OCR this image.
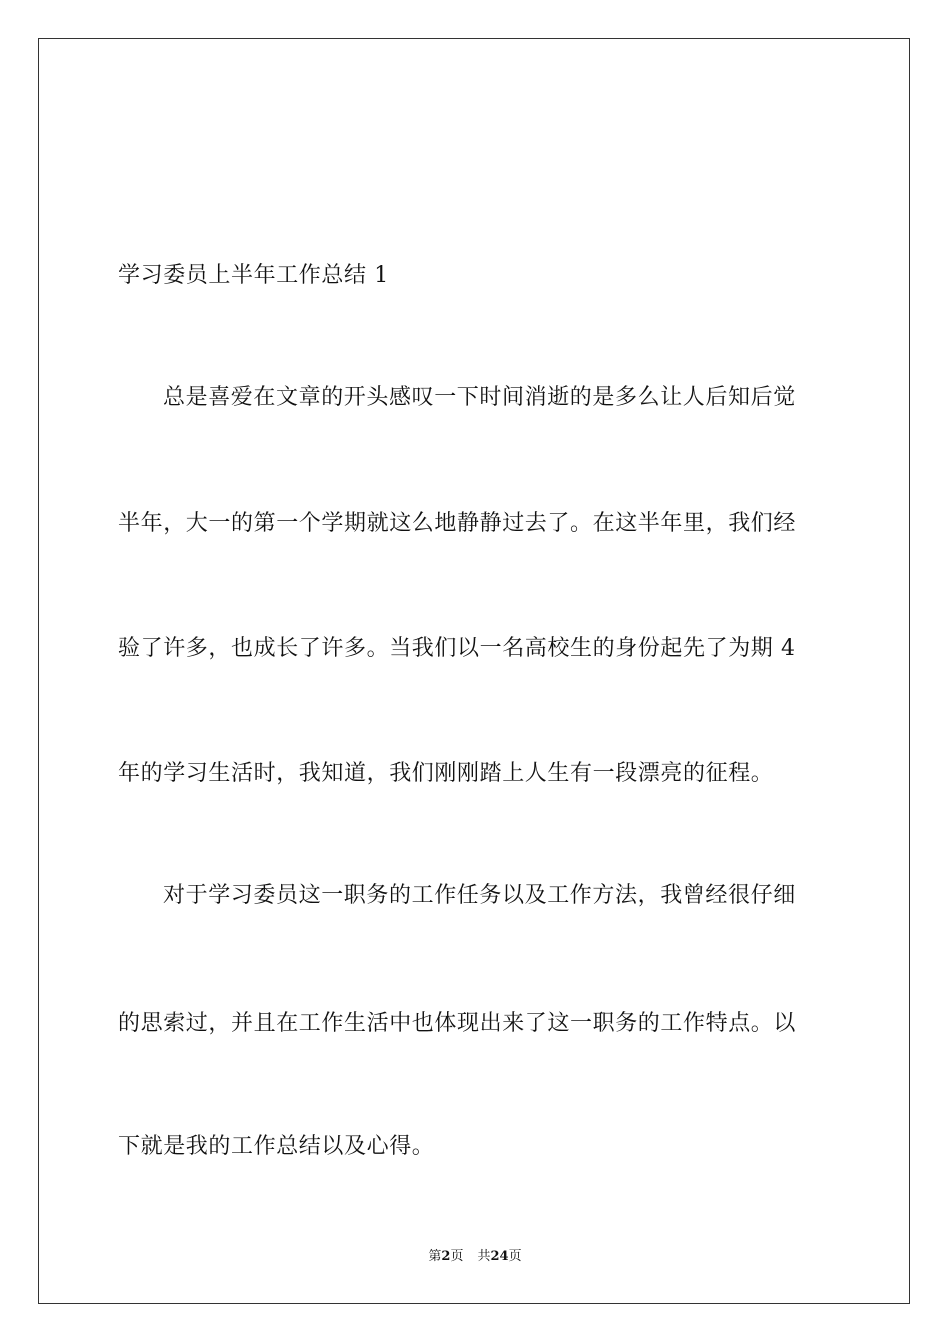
学习委员上半年工作总结 1
总是喜爱在文章的开头感叹一下时间消逝的是多么让人后知后觉
半年，大一的第一个学期就这么地静静过去了。在这半年里，我们经
验了许多，也成长了许多。当我们以一名高校生的身份起先了为期 4
年的学习生活时，我知道，我们刚刚踏上人生有一段漂亮的征程。
对于学习委员这一职务的工作任务以及工作方法，我曾经很仔细
的思索过，并且在工作生活中也体现出来了这一职务的工作特点。以
下就是我的工作总结以及心得。
第2页 共24页
